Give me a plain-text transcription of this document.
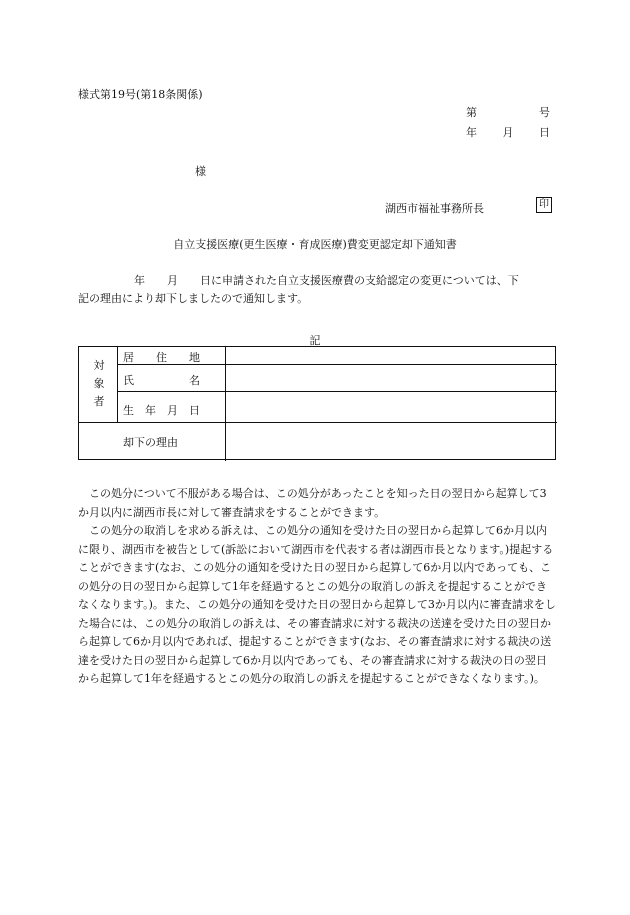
様式第19号(第18条関係)
第	号
年 月 日
様
湖西市福祉事務所長	印
自立支援医療(更生医療・育成医療)費変更認定却下通知書

年　　月　　日に申請された自立支援医療費の支給認定の変更については、下

記の理由により却下しましたので通知します。
記
対
象
者
居　　住　　地
氏　　　　　名
生　年　月　日
却下の理由

この処分について不服がある場合は、この処分があったことを知った日の翌日から起算して3か月以内に湖西市長に対して審査請求をすることができます。

この処分の取消しを求める訴えは、この処分の通知を受けた日の翌日から起算して6か月以内に限り、湖西市を被告として(訴訟において湖西市を代表する者は湖西市長となります。)提起することができます(なお、この処分の通知を受けた日の翌日から起算して6か月以内であっても、この処分の日の翌日から起算して1年を経過するとこの処分の取消しの訴えを提起することができなくなります。)。また、この処分の通知を受けた日の翌日から起算して3か月以内に審査請求をした場合には、この処分の取消しの訴えは、その審査請求に対する裁決の送達を受けた日の翌日から起算して6か月以内であれば、提起することができます(なお、その審査請求に対する裁決の送達を受けた日の翌日から起算して6か月以内であっても、その審査請求に対する裁決の日の翌日から起算して1年を経過するとこの処分の取消しの訴えを提起することができなくなります。)。
